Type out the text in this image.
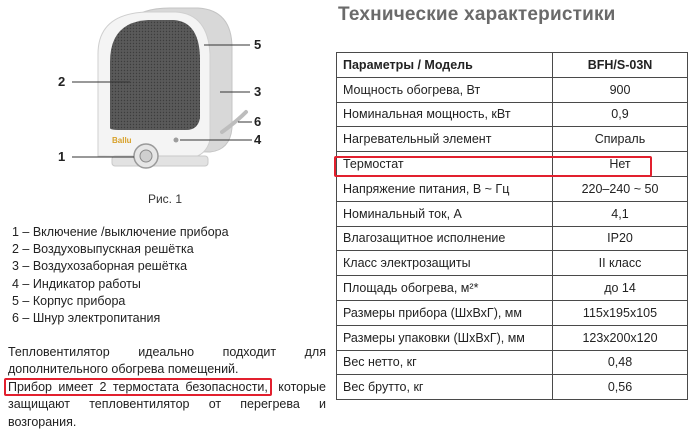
Ballu
1
2
3
4
5
6
Рис. 1
1 – Включение /выключение прибора
2 – Воздуховыпускная решётка
3 – Воздухозаборная решётка
4 – Индикатор работы
5 – Корпус прибора
6 – Шнур электропитания
Тепловентилятор идеально подходит для дополнительного обогрева помещений.
Прибор имеет 2 термостата безопасности, которые защищают тепловентилятор от перегрева и возгорания.
Технические характеристики
Параметры / Модель	BFH/S-03N
Мощность обогрева, Вт	900
Номинальная мощность, кВт	0,9
Нагревательный элемент	Спираль
Термостат	Нет
Напряжение питания, В ~ Гц	220–240 ~ 50
Номинальный ток, А	4,1
Влагозащитное исполнение	IP20
Класс электрозащиты	II класс
Площадь обогрева, м²*	до 14
Размеры прибора (ШхВхГ), мм	115х195х105
Размеры упаковки (ШхВхГ), мм	123х200х120
Вес нетто, кг	0,48
Вес брутто, кг	0,56
